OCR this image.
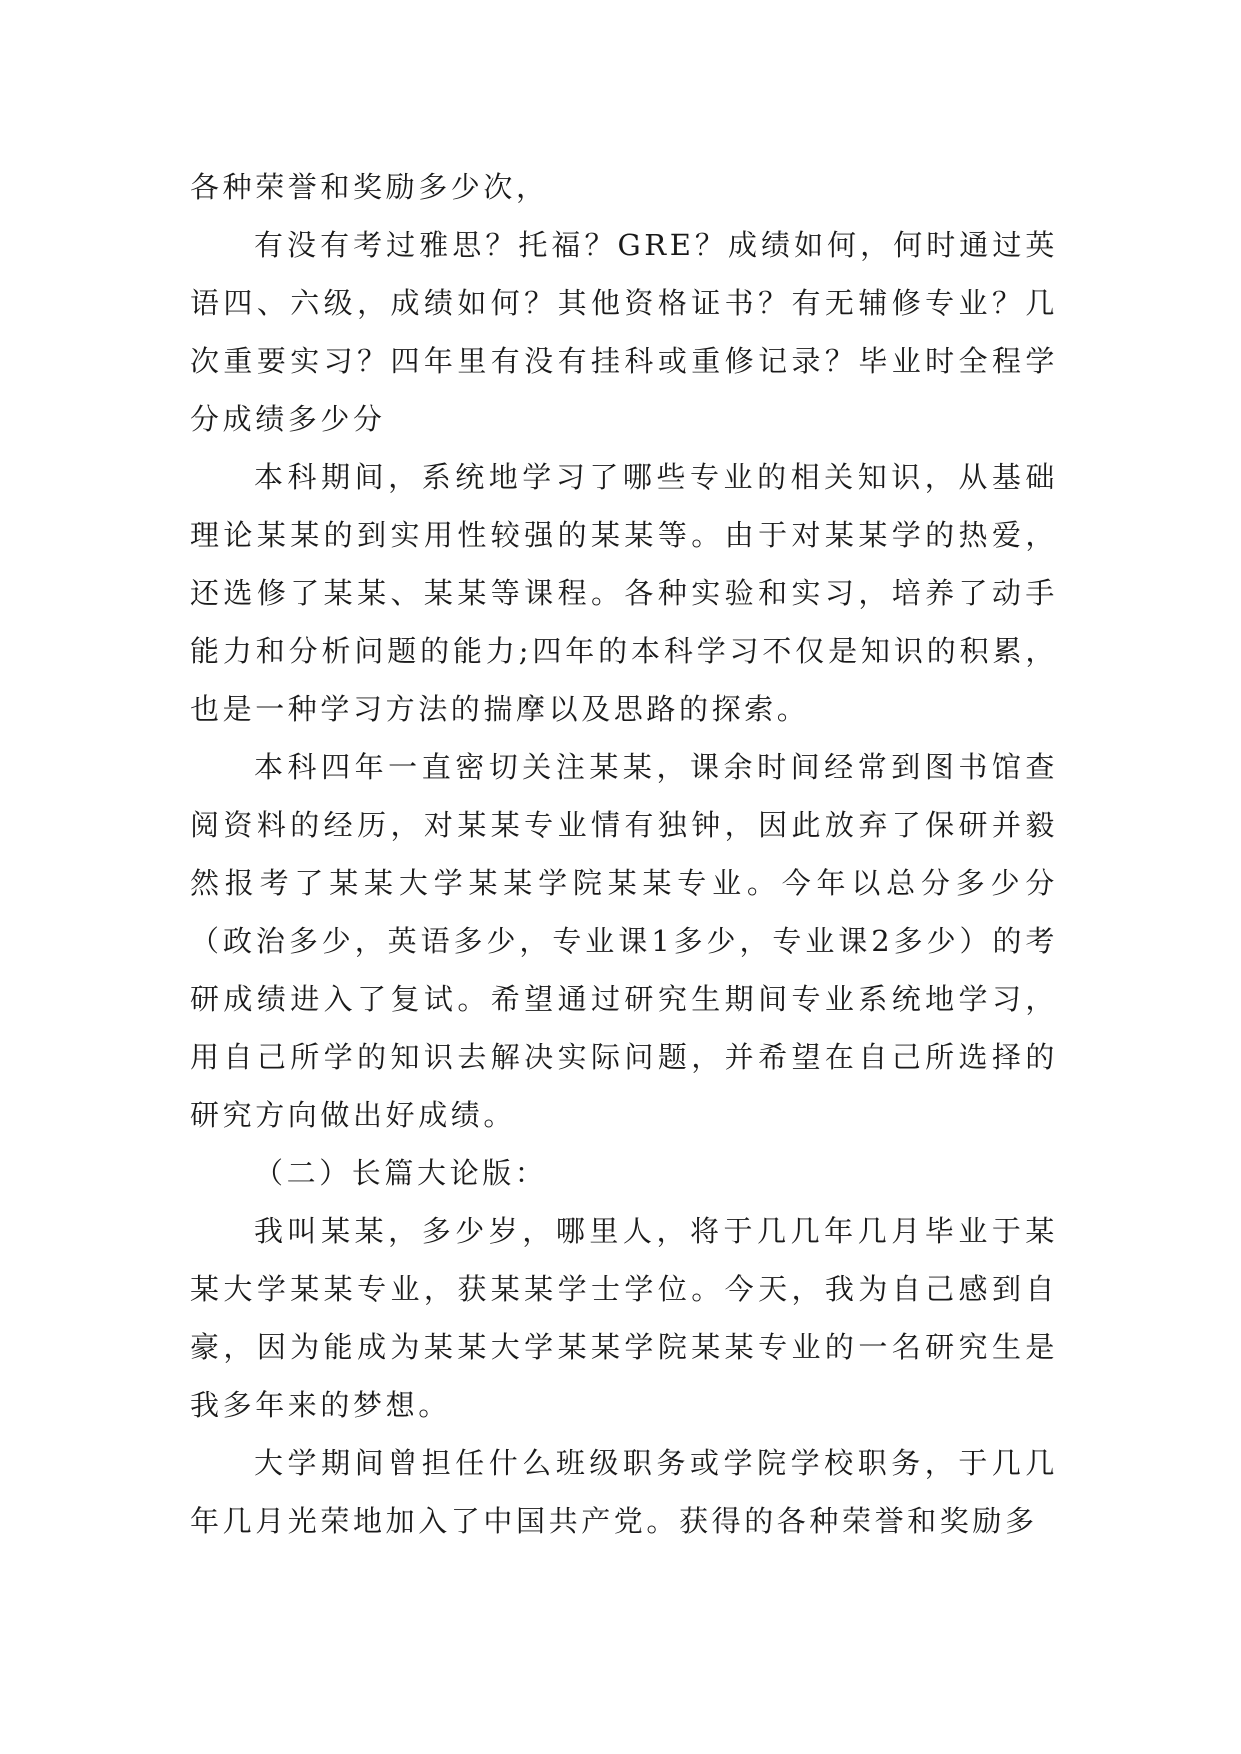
各种荣誉和奖励多少次，

有没有考过雅思？托福？GRE？成绩如何，何时通过英语四、六级，成绩如何？其他资格证书？有无辅修专业？几次重要实习？四年里有没有挂科或重修记录？毕业时全程学分成绩多少分

本科期间，系统地学习了哪些专业的相关知识，从基础理论某某的到实用性较强的某某等。由于对某某学的热爱，还选修了某某、某某等课程。各种实验和实习，培养了动手能力和分析问题的能力;四年的本科学习不仅是知识的积累，也是一种学习方法的揣摩以及思路的探索。

本科四年一直密切关注某某，课余时间经常到图书馆查阅资料的经历，对某某专业情有独钟，因此放弃了保研并毅然报考了某某大学某某学院某某专业。今年以总分多少分（政治多少，英语多少，专业课1多少，专业课2多少）的考研成绩进入了复试。希望通过研究生期间专业系统地学习，用自己所学的知识去解决实际问题，并希望在自己所选择的研究方向做出好成绩。

（二）长篇大论版：

我叫某某，多少岁，哪里人，将于几几年几月毕业于某某大学某某专业，获某某学士学位。今天，我为自己感到自豪，因为能成为某某大学某某学院某某专业的一名研究生是我多年来的梦想。

大学期间曾担任什么班级职务或学院学校职务，于几几年几月光荣地加入了中国共产党。获得的各种荣誉和奖励多
